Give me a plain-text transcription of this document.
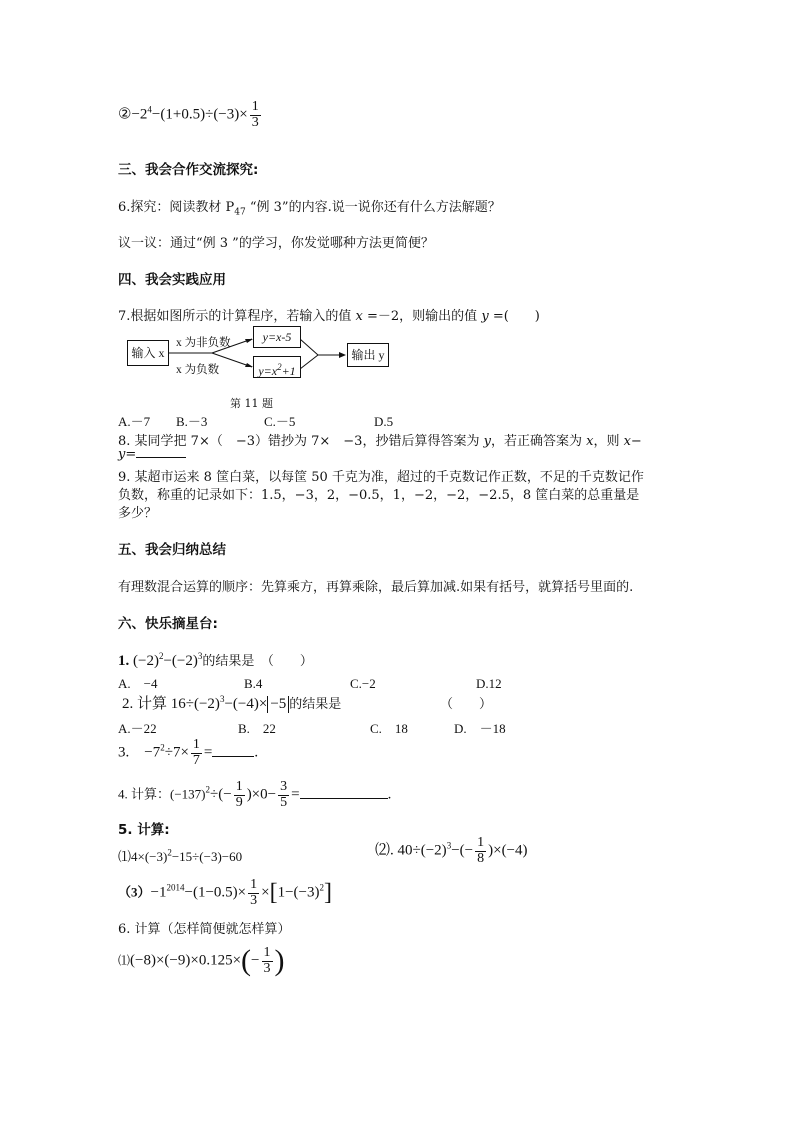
$②-2^4-(1+0.5)\div(-3)\times \frac{1}{3}$
三、我会合作交流探究:
6.探究：阅读教材 $P_{47}$ “例 3”的内容.说一说你还有什么方法解题？
议一议：通过“例 3 ”的学习，你发觉哪种方法更简便？
四、我会实践应用
7.根据如图所示的计算程序，若输入的值 x =－2，则输出的值 y =(　　)
输入 x
x 为非负数
x 为负数
y=x-5
$y=x^2+1$
输出 y
第 11 题
A.－7 B.－3	C.－5	D.5
8. 某同学把 7×（　−3）错抄为 7×　−3，抄错后算得答案为 y，若正确答案为 x，则 x−
y=
9. 某超市运来 8 筐白菜，以每筐 50 千克为准，超过的千克数记作正数，不足的千克数记作
负数，称重的记录如下：1.5，−3，2，−0.5，1，−2，−2，−2.5，8 筐白菜的总重量是
多少？
五、我会归纳总结
有理数混合运算的顺序：先算乘方，再算乘除，最后算加减.如果有括号，就算括号里面的.
六、快乐摘星台:
1. $(-2)^2-(-2)^3$的结果是　（　　）
A.　−4	B.4	C.−2	D.12
2. 计算 $16\div(-2)^3-(-4)\times -5$ 的结果是	（　　）
A.－22	B.　22	C.　18	D.　－18
3.　$-7^2\div 7\times \frac{1}{7}$ =	.
4. 计算：$(-137)^2\div(- \frac{1}{9} )\times 0- \frac{3}{5}$ =	.
5. 计算:
$⑴4\times(-3)^2-15\div(-3)-60$	⑵. $40\div(-2)^3-(- \frac{1}{8} )\times(-4)$
$(3)-1^{2014}-(1-0.5)\times \frac{1}{3} \times[1-(-3)^2]$
6. 计算（怎样简便就怎样算）
⑴(−8)×(−9)×0.125×(− $\frac{1}{3}$ )
